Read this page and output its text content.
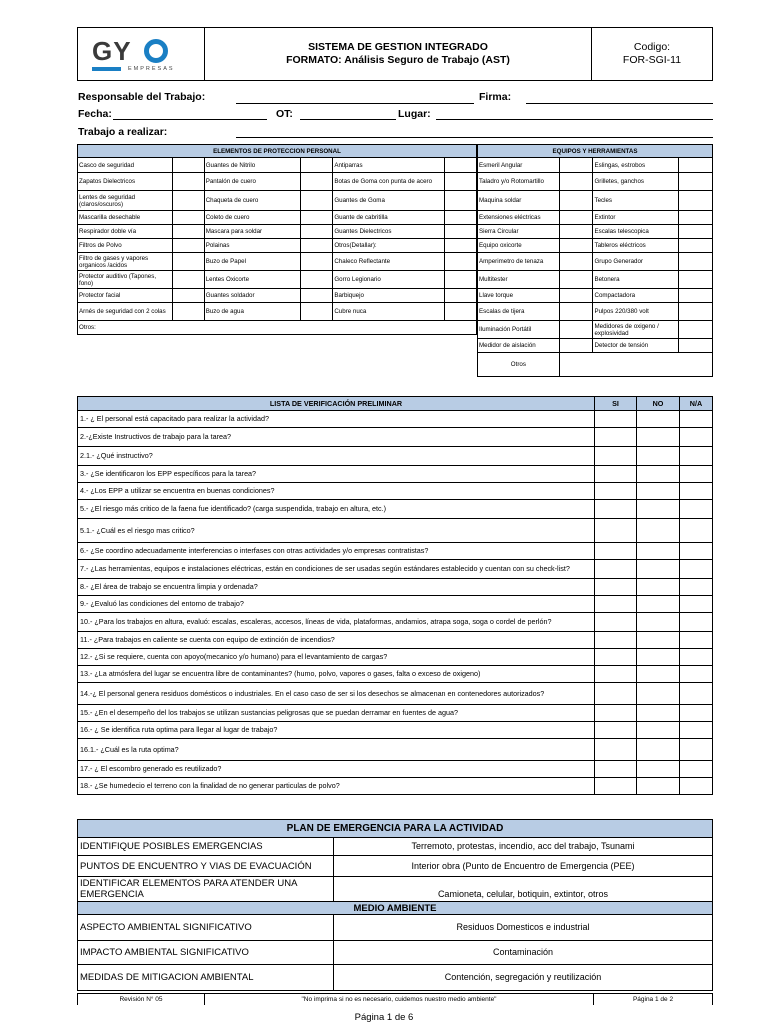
GY
EMPRESAS
SISTEMA DE GESTION INTEGRADO
FORMATO: Análisis Seguro de Trabajo (AST)
Codigo:
FOR-SGI-11
Responsable del Trabajo:	Firma:
Fecha:	OT:	Lugar:
Trabajo a realizar:
ELEMENTOS DE PROTECCION PERSONAL					
Casco de seguridad		Guantes de Nitrilo		Antiparras	
Zapatos Dielectricos		Pantalón de cuero		Botas de Goma con punta de acero	
Lentes de seguridad (claros/oscuros)		Chaqueta de cuero		Guantes de Goma	
Mascarilla desechable		Coleto de cuero		Guante de cabritilla	
Respirador doble vía		Mascara para soldar		Guantes Dielectricos	
Filtros de Polvo		Polainas		Otros(Detallar):	
Filtro de gases y vapores organicos /acidos		Buzo de Papel		Chaleco Reflectante	
Protector auditivo (Tapones, fono)		Lentes Oxicorte		Gorro Legionario	
Protector facial		Guantes soldador		Barbiquejo	
Arnés de seguridad con 2 colas		Buzo de agua		Cubre nuca	
Otros:					
EQUIPOS Y HERRAMIENTAS			
Esmeril Angular		Eslingas, estrobos	
Taladro y/o Rotomartillo		Grilletes, ganchos	
Maquina soldar		Tecles	
Extensiones eléctricas		Extintor	
Sierra Circular		Escalas telescopica	
Equipo oxicorte		Tableros eléctricos	
Amperimetro de tenaza		Grupo Generador	
Multitester		Betonera	
Llave torque		Compactadora	
Escalas de tijera		Pulpos 220/380 volt	
Iluminación Portátil		Medidores de oxigeno / explosividad	
Medidor de aislación		Detector de tensión	
Otros			
LISTA DE VERIFICACIÓN PRELIMINAR	SI	NO	N/A
1.- ¿ El personal está capacitado para realizar la actividad?			
2.-¿Existe Instructivos de trabajo para la tarea?			
2.1.- ¿Qué instructivo?			
3.- ¿Se identificaron los EPP específicos para la tarea?			
4.- ¿Los EPP a utilizar se encuentra en buenas condiciones?			
5.- ¿El riesgo más critico de la faena fue identificado? (carga suspendida, trabajo en altura, etc.)			
5.1.- ¿Cuál es el riesgo mas critico?			
6.- ¿Se coordino adecuadamente interferencias o interfases con otras actividades y/o empresas contratistas?			
7.- ¿Las herramientas, equipos e instalaciones eléctricas, están en condiciones de ser usadas según estándares establecido y cuentan con su check-list?			
8.- ¿El área de trabajo se encuentra limpia y ordenada?			
9.- ¿Evaluó las condiciones del entorno de trabajo?			
10.- ¿Para los trabajos en altura, evaluó: escalas, escaleras, accesos, líneas de vida, plataformas, andamios, atrapa soga, soga o cordel de perlón?			
11.- ¿Para trabajos en caliente se cuenta con equipo de extinción de incendios?			
12.- ¿Si se requiere, cuenta con apoyo(mecanico y/o humano) para el levantamiento de cargas?			
13.- ¿La atmósfera del lugar se encuentra libre de contaminantes? (humo, polvo, vapores o gases, falta o exceso de oxigeno)			
14.-¿ El personal genera residuos domésticos o industriales. En el caso caso de ser si los desechos se almacenan en contenedores autorizados?			
15.- ¿En el desempeño del los trabajos se utilizan sustancias peligrosas que se puedan derramar en fuentes de agua?			
16.- ¿ Se identifica ruta optima para llegar al lugar de trabajo?			
16.1.- ¿Cuál es la ruta optima?			
17.- ¿ El escombro generado es reutilizado?			
18.- ¿Se humedecio el terreno con la finalidad de no generar particulas de polvo?			
PLAN DE EMERGENCIA PARA LA ACTIVIDAD	
IDENTIFIQUE POSIBLES EMERGENCIAS	Terremoto, protestas, incendio, acc del trabajo, Tsunami
PUNTOS DE ENCUENTRO Y VIAS DE EVACUACIÓN	Interior obra (Punto de Encuentro de Emergencia (PEE)
IDENTIFICAR ELEMENTOS PARA ATENDER UNA EMERGENCIA	Camioneta, celular, botiquin, extintor, otros
MEDIO AMBIENTE	
ASPECTO AMBIENTAL SIGNIFICATIVO	Residuos Domesticos e industrial
IMPACTO AMBIENTAL SIGNIFICATIVO	Contaminación
MEDIDAS DE MITIGACION AMBIENTAL	Contención, segregación y reutilización
Revisión N° 05	"No imprima si no es necesario, cuidemos nuestro medio ambiente"	Página 1 de 2
Página 1 de 6
